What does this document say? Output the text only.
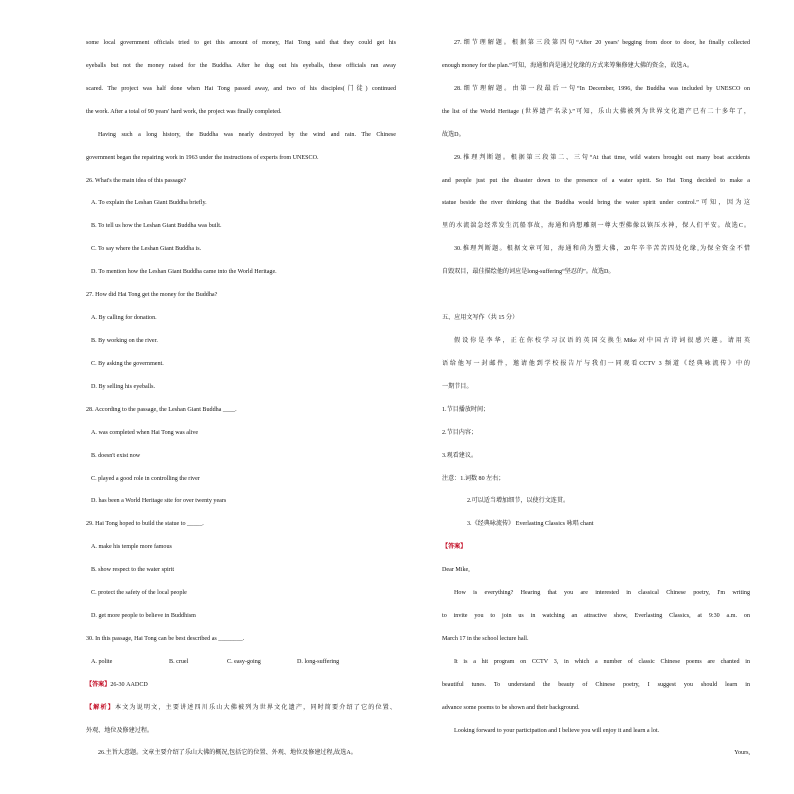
some local government officials tried to get this amount of money, Hai Tong said that they could get his
eyeballs but not the money raised for the Buddha. After he dug out his eyeballs, these officials ran away
scared. The project was half done when Hai Tong passed away, and two of his disciples(门徒) continued
the work. After a total of 90 years' hard work, the project was finally completed.
Having such a long history, the Buddha was nearly destroyed by the wind and rain. The Chinese
government began the repairing work in 1963 under the instructions of experts from UNESCO.
26. What's the main idea of this passage?
A. To explain the Leshan Giant Buddha briefly.
B. To tell us how the Leshan Giant Buddha was built.
C. To say where the Leshan Giant Buddha is.
D. To mention how the Leshan Giant Buddha came into the World Heritage.
27. How did Hai Tong get the money for the Buddha?
A. By calling for donation.
B. By working on the river.
C. By asking the government.
D. By selling his eyeballs.
28. According to the passage, the Leshan Giant Buddha ____.
A. was completed when Hai Tong was alive
B. doesn't exist now
C. played a good role in controlling the river
D. has been a World Heritage site for over twenty years
29. Hai Tong hoped to build the statue to _____.
A. make his temple more famous
B. show respect to the water spirit
C. protect the safety of the local people
D. get more people to believe in Buddhism
30. In this passage, Hai Tong can be best described as ________.
A. polite	B. cruel	C. easy-going	D. long-suffering
【答案】26-30 AADCD
【解析】本文为说明文，主要讲述四川乐山大佛被列为世界文化遗产，同时简要介绍了它的位置、
外观、地位及修建过程。
26.主旨大意题。文章主要介绍了乐山大佛的概况,包括它的位置、外观、地位及修建过程,故选A。
27.细节理解题。根据第三段第四句“After 20 years' begging from door to door, he finally collected
enough money for the plan.”可知，海通和尚是通过化缘的方式来筹集修建大佛的资金，故选A。
28.细节理解题。由第一段最后一句“In December, 1996, the Buddha was included by UNESCO on
the list of the World Heritage (世界遗产名录).”可知，乐山大佛被列为世界文化遗产已有二十多年了，
故选D。
29.推理判断题。根据第三段第二、三句“At that time, wild waters brought out many boat accidents
and people just put the disaster down to the presence of a water spirit. So Hai Tong decided to make a
statue beside the river thinking that the Buddha would bring the water spirit under control.”可知，因为这
里的水流湍急经常发生沉船事故，海通和尚想雕刻一尊大型佛像以镇压水神，保人们平安。故选C。
30.推理判断题。根据文章可知，海通和尚为塑大佛，20年辛辛苦苦四处化缘,为保全资金不惜
自毁双目，最佳描绘他的词应是long-suffering“坚忍的”。故选D。
五、应用文写作（共 15 分）
假设你是李华，正在你校学习汉语的英国交换生Mike对中国古诗词很感兴趣。请用英
语给他写一封邮件，邀请他到学校报告厅与我们一同观看CCTV 3 频道《经典咏流传》中的
一期节目。
1.节目播放时间；
2.节目内容；
3.观看建议。
注意：1.词数 80 左右；
2.可以适当增加细节，以使行文连贯。
3.《经典咏流传》 Everlasting Classics 咏唱 chant
【答案】
Dear Mike,
How is everything? Hearing that you are interested in classical Chinese poetry, I'm writing
to invite you to join us in watching an attractive show, Everlasting Classics, at 9:30 a.m. on
March 17 in the school lecture hall.
It is a hit program on CCTV 3, in which a number of classic Chinese poems are chanted in
beautiful tunes. To understand the beauty of Chinese poetry, I suggest you should learn in
advance some poems to be shown and their background.
Looking forward to your participation and I believe you will enjoy it and learn a lot.
Yours,
